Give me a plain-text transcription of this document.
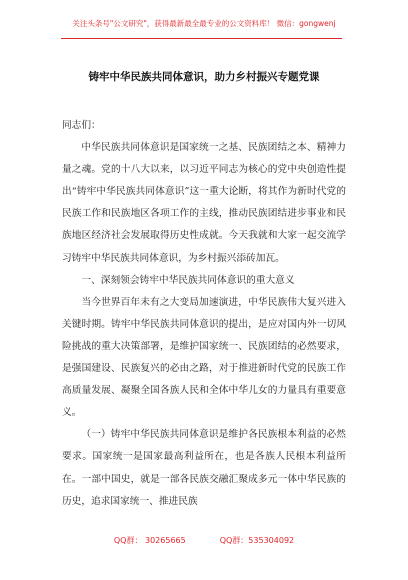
关注头条号"公文研究"，获得最新最全最专业的公文资料库！ 微信：gongwenj
铸牢中华民族共同体意识，助力乡村振兴专题党课

同志们：

中华民族共同体意识是国家统一之基、民族团结之本、精神力量之魂。党的十八大以来，以习近平同志为核心的党中央创造性提出“铸牢中华民族共同体意识”这一重大论断，将其作为新时代党的民族工作和民族地区各项工作的主线，推动民族团结进步事业和民族地区经济社会发展取得历史性成就。今天我就和大家一起交流学习铸牢中华民族共同体意识，为乡村振兴添砖加瓦。

一、深刻领会铸牢中华民族共同体意识的重大意义

当今世界百年未有之大变局加速演进，中华民族伟大复兴进入关键时期。铸牢中华民族共同体意识的提出，是应对国内外一切风险挑战的重大决策部署，是维护国家统一、民族团结的必然要求，是强国建设、民族复兴的必由之路，对于推进新时代党的民族工作高质量发展、凝聚全国各族人民和全体中华儿女的力量具有重要意义。

（一）铸牢中华民族共同体意识是维护各民族根本利益的必然要求。国家统一是国家最高利益所在，也是各族人民根本利益所在。一部中国史，就是一部各民族交融汇聚成多元一体中华民族的历史，追求国家统一、推进民族

QQ群： 30265665	QQ群：535304092
